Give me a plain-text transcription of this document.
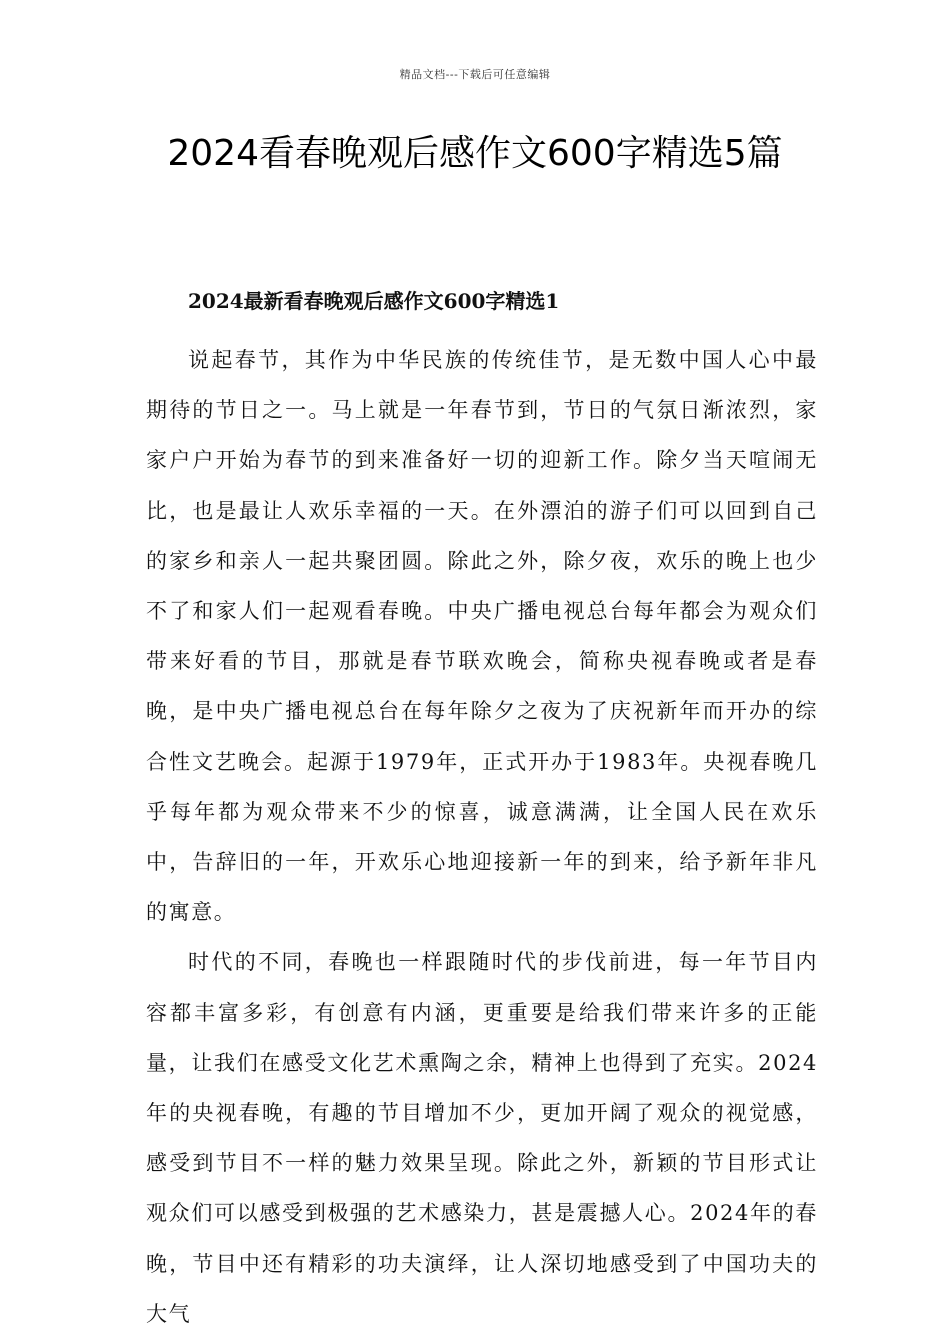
精品文档---下载后可任意编辑
2024看春晚观后感作文600字精选5篇
2024最新看春晚观后感作文600字精选1

说起春节，其作为中华民族的传统佳节，是无数中国人心中最期待的节日之一。马上就是一年春节到，节日的气氛日渐浓烈，家家户户开始为春节的到来准备好一切的迎新工作。除夕当天喧闹无比，也是最让人欢乐幸福的一天。在外漂泊的游子们可以回到自己的家乡和亲人一起共聚团圆。除此之外，除夕夜，欢乐的晚上也少不了和家人们一起观看春晚。中央广播电视总台每年都会为观众们带来好看的节目，那就是春节联欢晚会，简称央视春晚或者是春晚，是中央广播电视总台在每年除夕之夜为了庆祝新年而开办的综合性文艺晚会。起源于1979年，正式开办于1983年。央视春晚几乎每年都为观众带来不少的惊喜，诚意满满，让全国人民在欢乐中，告辞旧的一年，开欢乐心地迎接新一年的到来，给予新年非凡的寓意。

时代的不同，春晚也一样跟随时代的步伐前进，每一年节目内容都丰富多彩，有创意有内涵，更重要是给我们带来许多的正能量，让我们在感受文化艺术熏陶之余，精神上也得到了充实。2024年的央视春晚，有趣的节目增加不少，更加开阔了观众的视觉感，感受到节目不一样的魅力效果呈现。除此之外，新颖的节目形式让观众们可以感受到极强的艺术感染力，甚是震撼人心。2024年的春晚，节目中还有精彩的功夫演绎，让人深切地感受到了中国功夫的大气
